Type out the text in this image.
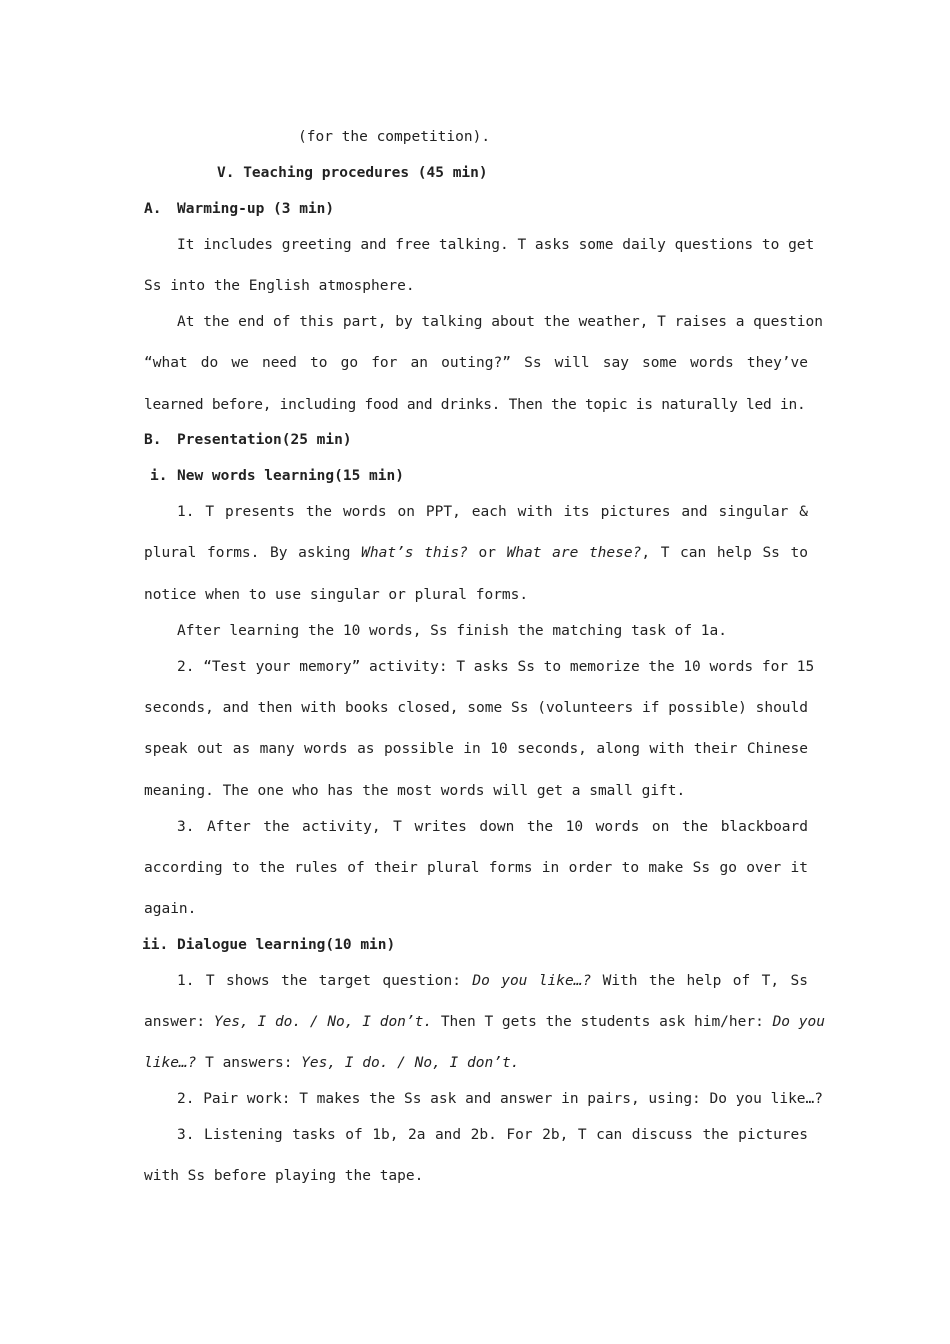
(for the competition).
V. Teaching procedures (45 min)
A. Warming-up (3 min)
It includes greeting and free talking. T asks some daily questions to get
Ss into the English atmosphere.
At the end of this part, by talking about the weather, T raises a question
“what do we need to go for an outing?” Ss will say some words they’ve
learned before, including food and drinks. Then the topic is naturally led in.
B. Presentation(25 min)
i. New words learning(15 min)
1. T presents the words on PPT, each with its pictures and singular &
plural forms. By asking What’s this? or What are these?, T can help Ss to
notice when to use singular or plural forms.
After learning the 10 words, Ss finish the matching task of 1a.
2. “Test your memory” activity: T asks Ss to memorize the 10 words for 15
seconds, and then with books closed, some Ss (volunteers if possible) should
speak out as many words as possible in 10 seconds, along with their Chinese
meaning. The one who has the most words will get a small gift.
3. After the activity, T writes down the 10 words on the blackboard
according to the rules of their plural forms in order to make Ss go over it
again.
ii. Dialogue learning(10 min)
1. T shows the target question: Do you like…? With the help of T, Ss
answer: Yes, I do. / No, I don’t. Then T gets the students ask him/her: Do you
like…? T answers: Yes, I do. / No, I don’t.
2. Pair work: T makes the Ss ask and answer in pairs, using: Do you like…?
3. Listening tasks of 1b, 2a and 2b. For 2b, T can discuss the pictures
with Ss before playing the tape.
